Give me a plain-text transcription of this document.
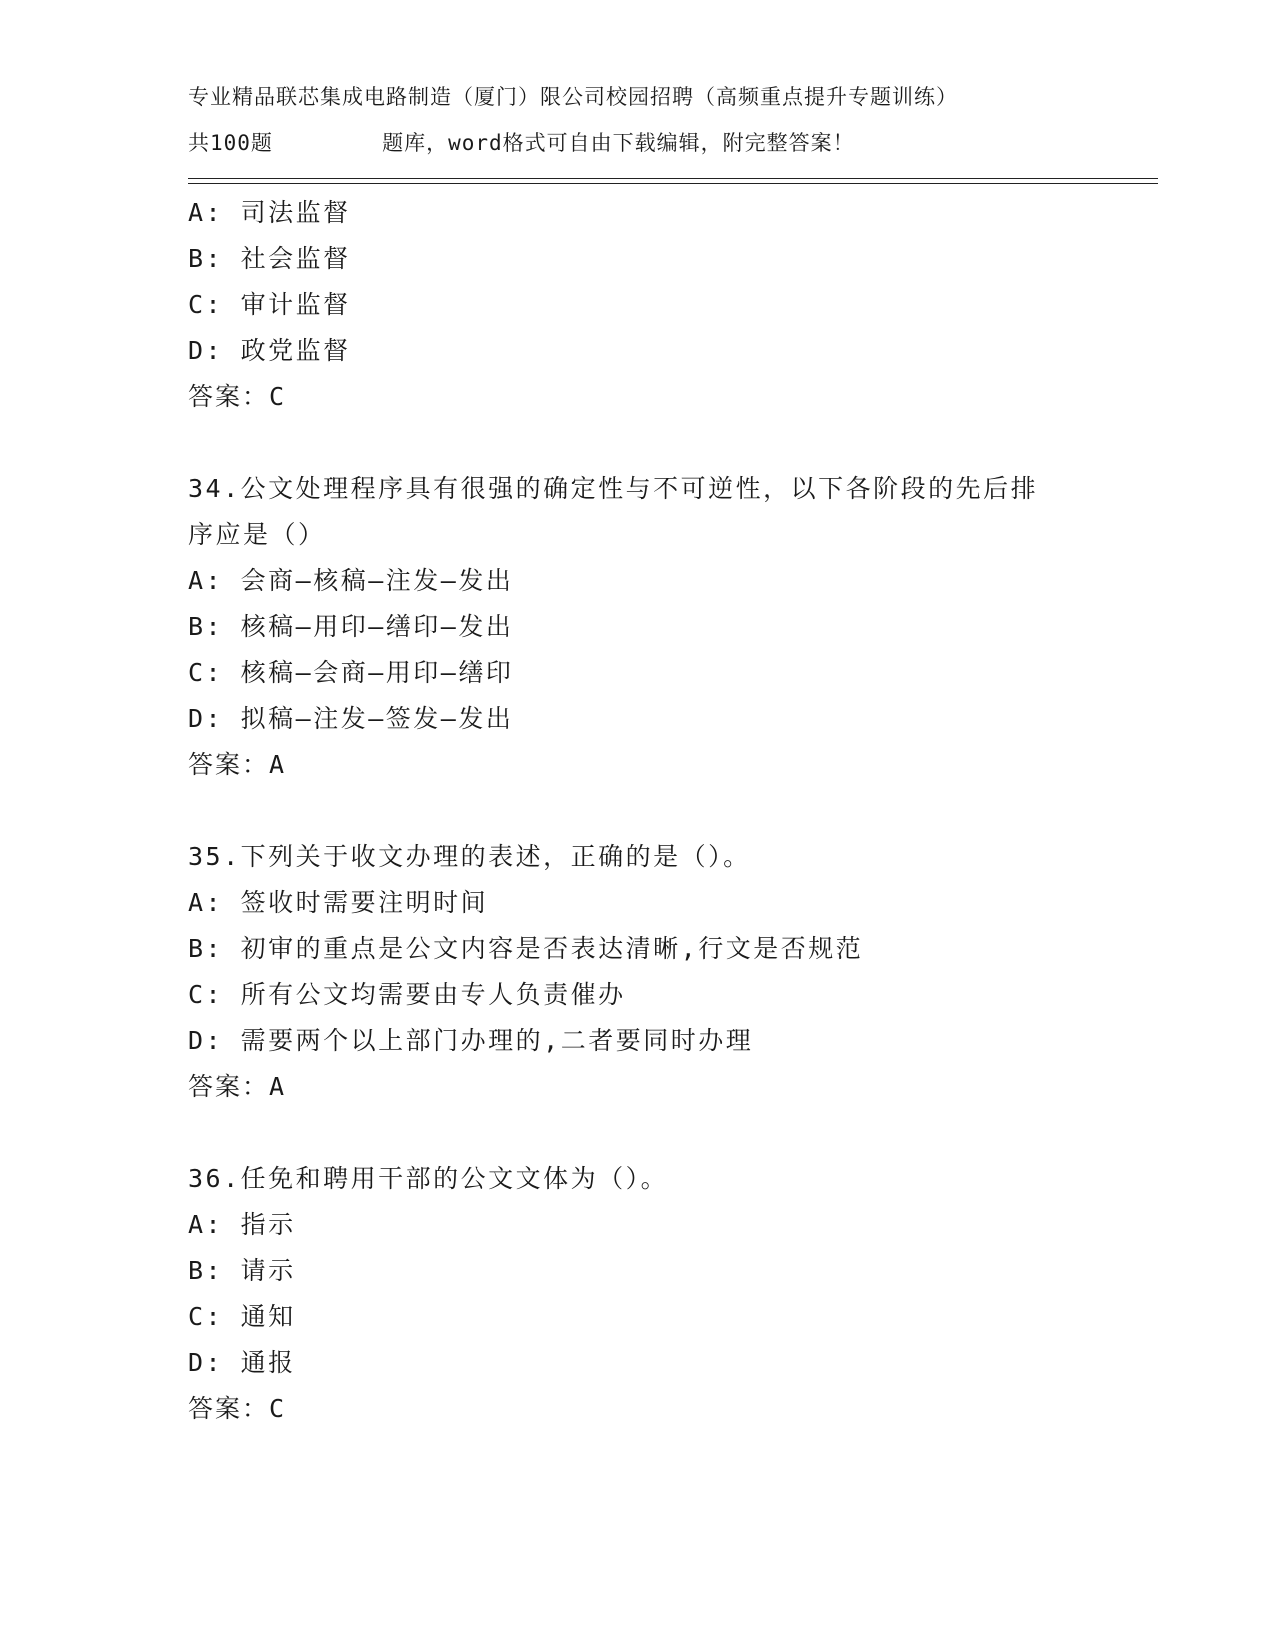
专业精品联芯集成电路制造（厦门）限公司校园招聘（高频重点提升专题训练）
共100题        题库，word格式可自由下载编辑，附完整答案！
A: 司法监督
B: 社会监督
C: 审计监督
D: 政党监督
答案：C
34.公文处理程序具有很强的确定性与不可逆性，以下各阶段的先后排
序应是（）
A: 会商—核稿—注发—发出
B: 核稿—用印—缮印—发出
C: 核稿—会商—用印—缮印
D: 拟稿—注发—签发—发出
答案：A
35.下列关于收文办理的表述，正确的是（）。
A: 签收时需要注明时间
B: 初审的重点是公文内容是否表达清晰,行文是否规范
C: 所有公文均需要由专人负责催办
D: 需要两个以上部门办理的,二者要同时办理
答案：A
36.任免和聘用干部的公文文体为（）。
A: 指示
B: 请示
C: 通知
D: 通报
答案：C
